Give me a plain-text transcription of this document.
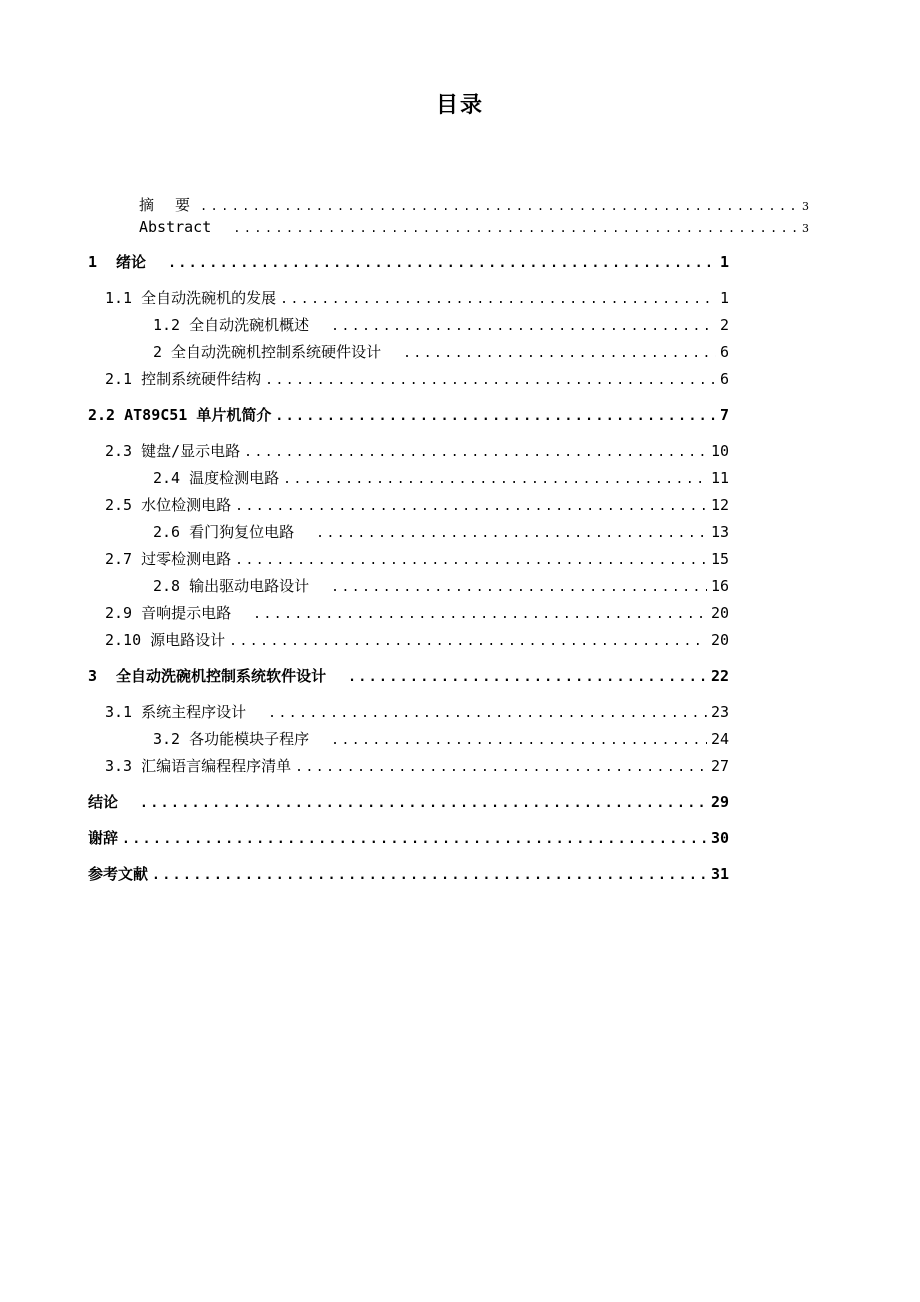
目录
摘 要 .....	3
Abstract .....	3
1 绪论 .....	1
1.1 全自动洗碗机的发展 .....	1
1.2 全自动洗碗机概述 .....	2
2 全自动洗碗机控制系统硬件设计 .....	6
2.1 控制系统硬件结构 .....	6
2.2 AT89C51 单片机简介 .....	7
2.3 键盘/显示电路 .....	10
2.4 温度检测电路 .....	11
2.5 水位检测电路 .....	12
2.6 看门狗复位电路 .....	13
2.7 过零检测电路 .....	15
2.8 输出驱动电路设计 .....	16
2.9 音响提示电路 .....	20
2.10 源电路设计 .....	20
3 全自动洗碗机控制系统软件设计 .....	22
3.1 系统主程序设计 .....	23
3.2 各功能模块子程序 .....	24
3.3 汇编语言编程程序清单 .....	27
结论 .....	29
谢辞 .....	30
参考文献 .....	31
